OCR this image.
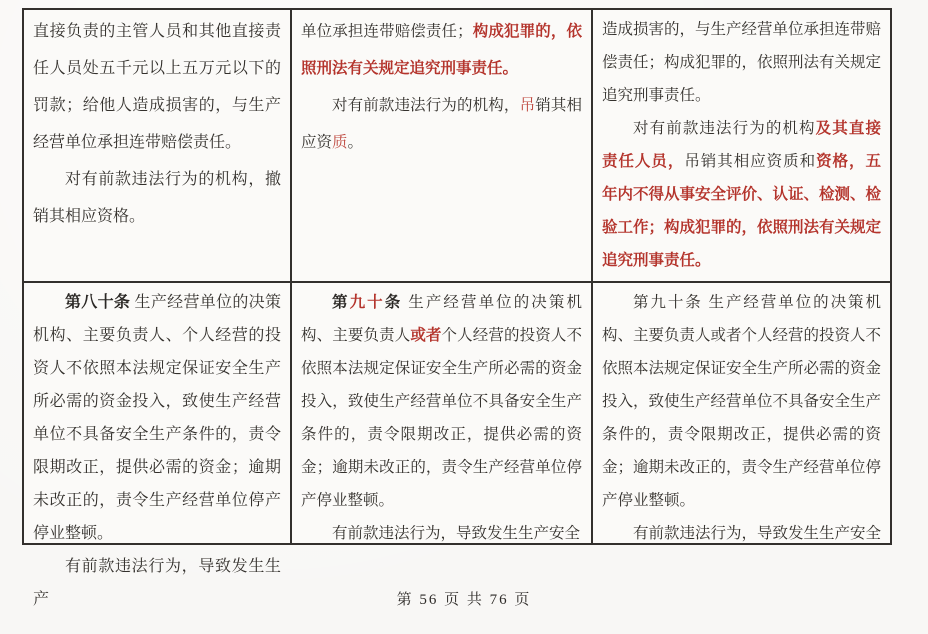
直接负责的主管人员和其他直接责任人员处五千元以上五万元以下的罚款；给他人造成损害的，与生产经营单位承担连带赔偿责任。

对有前款违法行为的机构，撤销其相应资格。

单位承担连带赔偿责任；构成犯罪的，依照刑法有关规定追究刑事责任。

对有前款违法行为的机构，吊销其相应资质。

造成损害的，与生产经营单位承担连带赔偿责任；构成犯罪的，依照刑法有关规定追究刑事责任。

对有前款违法行为的机构及其直接责任人员，吊销其相应资质和资格，五年内不得从事安全评价、认证、检测、检验工作；构成犯罪的，依照刑法有关规定追究刑事责任。

第八十条 生产经营单位的决策机构、主要负责人、个人经营的投资人不依照本法规定保证安全生产所必需的资金投入，致使生产经营单位不具备安全生产条件的，责令限期改正，提供必需的资金；逾期未改正的，责令生产经营单位停产停业整顿。

有前款违法行为，导致发生生产

第九十条 生产经营单位的决策机构、主要负责人或者个人经营的投资人不依照本法规定保证安全生产所必需的资金投入，致使生产经营单位不具备安全生产条件的，责令限期改正，提供必需的资金；逾期未改正的，责令生产经营单位停产停业整顿。

有前款违法行为，导致发生生产安全

第九十条 生产经营单位的决策机构、主要负责人或者个人经营的投资人不依照本法规定保证安全生产所必需的资金投入，致使生产经营单位不具备安全生产条件的，责令限期改正，提供必需的资金；逾期未改正的，责令生产经营单位停产停业整顿。

有前款违法行为，导致发生生产安全

第 56 页 共 76 页
